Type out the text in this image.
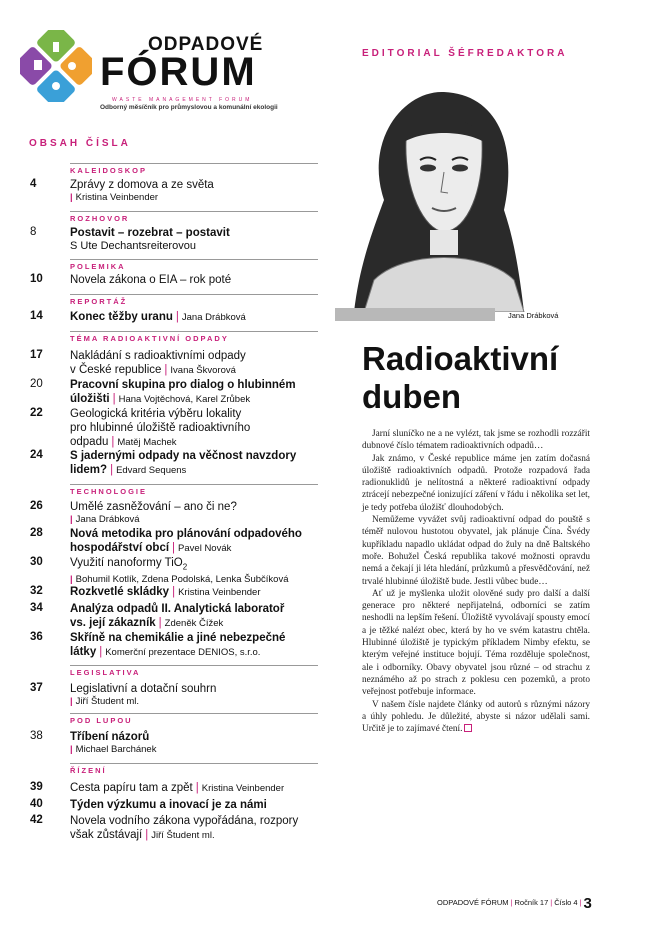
ODPADOVÉ
FÓRUM
WASTE MANAGEMENT FORUM
Odborný měsíčník pro průmyslovou a komunální ekologii
OBSAH ČÍSLA
EDITORIAL ŠÉFREDAKTORA
KALEIDOSKOP
4	Zprávy z domova a ze světa
| Kristina Veinbender
ROZHOVOR
8	Postavit – rozebrat – postavit
S Ute Dechantsreiterovou
POLEMIKA
10	Novela zákona o EIA – rok poté
REPORTÁŽ
14	Konec těžby uranu | Jana Drábková
TÉMA RADIOAKTIVNÍ ODPADY
17	Nakládání s radioaktivními odpady
v České republice | Ivana Škvorová
20	Pracovní skupina pro dialog o hlubinném
úložišti | Hana Vojtěchová, Karel Zrůbek
22	Geologická kritéria výběru lokality
pro hlubinné úložiště radioaktivního odpadu | Matěj Machek
24	S jadernými odpady na věčnost navzdory
lidem? | Edvard Sequens
TECHNOLOGIE
26	Umělé zasněžování – ano či ne?
| Jana Drábková
28	Nová metodika pro plánování odpadového
hospodářství obcí | Pavel Novák
30	Využití nanoformy TiO$_2$
| Bohumil Kotlík, Zdena Podolská, Lenka Šubčíková
32	Rozkvetlé skládky | Kristina Veinbender
34	Analýza odpadů II. Analytická laboratoř
vs. její zákazník | Zdeněk Čížek
36	Skříně na chemikálie a jiné nebezpečné
látky | Komerční prezentace DENIOS, s.r.o.
LEGISLATIVA
37	Legislativní a dotační souhrn
| Jiří Študent ml.
POD LUPOU
38	Tříbení názorů
| Michael Barchánek
ŘÍZENÍ
39	Cesta papíru tam a zpět | Kristina Veinbender
40	Týden výzkumu a inovací je za námi
42	Novela vodního zákona vypořádána, rozpory
však zůstávají | Jiří Študent ml.
Jana Drábková
Radioaktivní
duben

Jarní sluníčko ne a ne vylézt, tak jsme se rozhodli rozzářit dubnové číslo tématem radioaktivních odpadů…

Jak známo, v České republice máme jen zatím dočasná úložiště radioaktivních odpadů. Protože rozpadová řada radionuklidů je nelítostná a některé radioaktivní odpady ztrácejí nebezpečné ionizující záření v řádu i několika set let, je tedy potřeba úložišť dlouhodobých.

Nemůžeme vyvážet svůj radioaktivní odpad do pouště s téměř nulovou hustotou obyvatel, jak plánuje Čína. Švédy kupříkladu napadlo ukládat odpad do žuly na dně Baltského moře. Bohužel Česká republika takové možnosti opravdu nemá a čekají ji léta hledání, průzkumů a přesvědčování, než trvalé hlubinné úložiště bude. Jestli vůbec bude…

Ať už je myšlenka uložit olověné sudy pro další a další generace pro některé nepřijatelná, odborníci se zatím neshodli na lepším řešení. Úložiště vyvolávají spousty emocí a je těžké nalézt obec, která by ho ve svém katastru chtěla. Hlubinné úložiště je typickým příkladem Nimby efektu, se kterým veřejné instituce bojují. Téma rozděluje společnost, ale i odborníky. Obavy obyvatel jsou různé – od strachu z neznámého až po strach z poklesu cen pozemků, a proto veřejnost potřebuje informace.

V našem čísle najdete články od autorů s různými názory a úhly pohledu. Je důležité, abyste si názor udělali sami. Určitě je to zajímavé čtení.

ODPADOVÉ FÓRUM | Ročník 17 | Číslo 4 | 3
